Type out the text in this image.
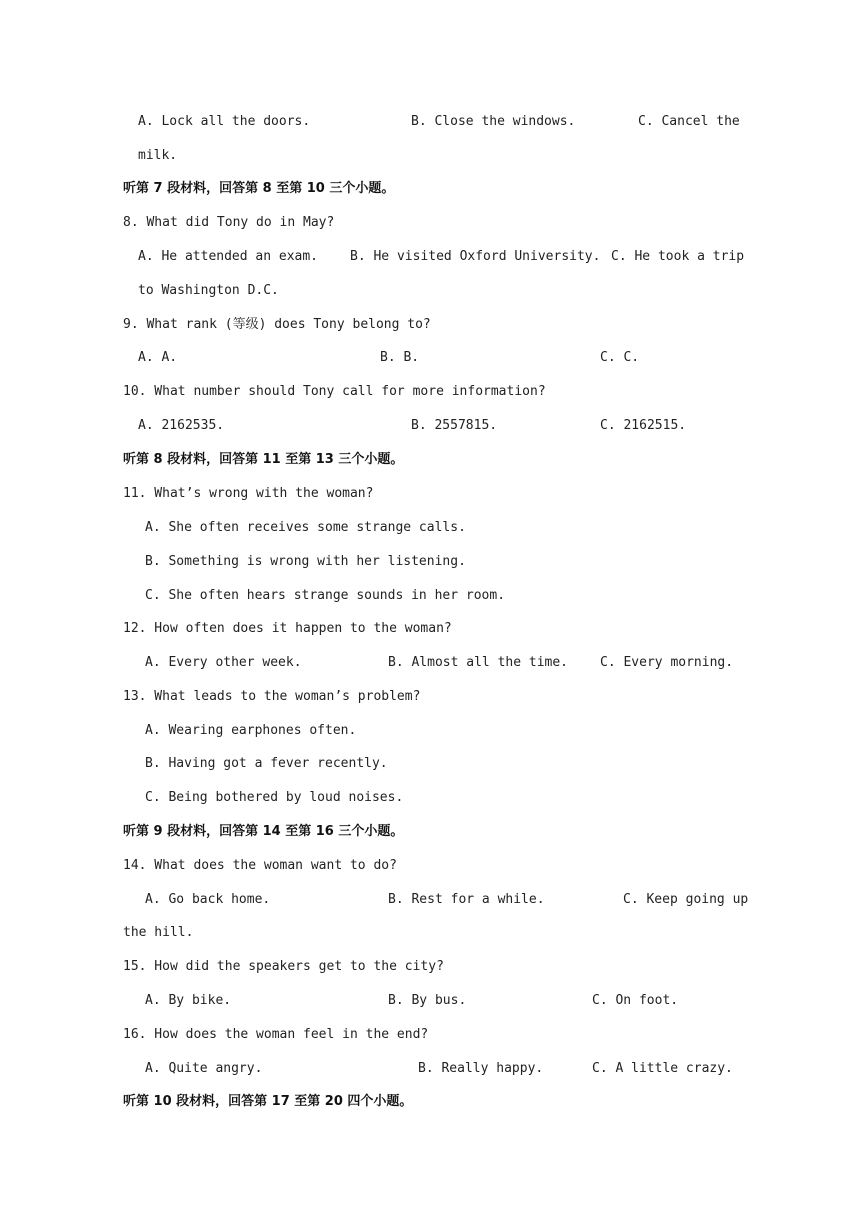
A. Lock all the doors.	B. Close the windows.	C. Cancel the
milk.
听第 7 段材料，回答第 8 至第 10 三个小题。
8. What did Tony do in May?
A. He attended an exam. B. He visited Oxford University. C. He took a trip
to Washington D.C.
9. What rank (等级) does Tony belong to?
A. A.	B. B.	C. C.
10. What number should Tony call for more information?
A. 2162535.	B. 2557815.	C. 2162515.
听第 8 段材料，回答第 11 至第 13 三个小题。
11. What’s wrong with the woman?
A. She often receives some strange calls.
B. Something is wrong with her listening.
C. She often hears strange sounds in her room.
12. How often does it happen to the woman?
A. Every other week.	B. Almost all the time. C. Every morning.
13. What leads to the woman’s problem?
A. Wearing earphones often.
B. Having got a fever recently.
C. Being bothered by loud noises.
听第 9 段材料，回答第 14 至第 16 三个小题。
14. What does the woman want to do?
A. Go back home.	B. Rest for a while.	C. Keep going up
the hill.
15. How did the speakers get to the city?
A. By bike.	B. By bus.	C. On foot.
16. How does the woman feel in the end?
A. Quite angry.	B. Really happy.	C. A little crazy.
听第 10 段材料，回答第 17 至第 20 四个小题。
